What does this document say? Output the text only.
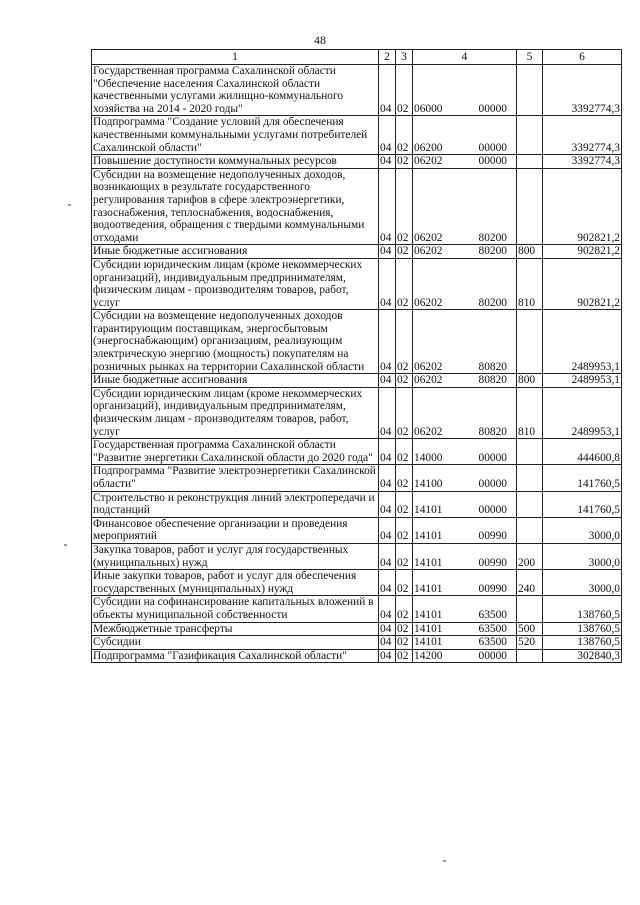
48
1	2	3	4	5	6
Государственная программа Сахалинской области "Обеспечение населения Сахалинской области качественными услугами жилищно-коммунального хозяйства на 2014 - 2020 годы"	04	02	06000 00000		3392774,3
Подпрограмма "Создание условий для обеспечения качественными коммунальными услугами потребителей Сахалинской области"	04	02	06200 00000		3392774,3
Повышение доступности коммунальных ресурсов	04	02	06202 00000		3392774,3
Субсидии на возмещение недополученных доходов, возникающих в результате государственного регулирования тарифов в сфере электроэнергетики, газоснабжения, теплоснабжения, водоснабжения, водоотведения, обращения с твердыми коммунальными отходами	04	02	06202 80200		902821,2
Иные бюджетные ассигнования	04	02	06202 80200	800	902821,2
Субсидии юридическим лицам (кроме некоммерческих организаций), индивидуальным предпринимателям, физическим лицам - производителям товаров, работ, услуг	04	02	06202 80200	810	902821,2
Субсидии на возмещение недополученных доходов гарантирующим поставщикам, энергосбытовым (энергоснабжающим) организациям, реализующим электрическую энергию (мощность) покупателям на розничных рынках на территории Сахалинской области	04	02	06202 80820		2489953,1
Иные бюджетные ассигнования	04	02	06202 80820	800	2489953,1
Субсидии юридическим лицам (кроме некоммерческих организаций), индивидуальным предпринимателям, физическим лицам - производителям товаров, работ, услуг	04	02	06202 80820	810	2489953,1
Государственная программа Сахалинской области "Развитие энергетики Сахалинской области до 2020 года"	04	02	14000 00000		444600,8
Подпрограмма "Развитие электроэнергетики Сахалинской области"	04	02	14100 00000		141760,5
Строительство и реконструкция линий электропередачи и подстанций	04	02	14101 00000		141760,5
Финансовое обеспечение организации и проведения мероприятий	04	02	14101 00990		3000,0
Закупка товаров, работ и услуг для государственных (муниципальных) нужд	04	02	14101 00990	200	3000,0
Иные закупки товаров, работ и услуг для обеспечения государственных (муниципальных) нужд	04	02	14101 00990	240	3000,0
Субсидии на софинансирование капитальных вложений в объекты муниципальной собственности	04	02	14101 63500		138760,5
Межбюджетные трансферты	04	02	14101 63500	500	138760,5
Субсидии	04	02	14101 63500	520	138760,5
Подпрограмма "Газификация Сахалинской области"	04	02	14200 00000		302840,3
